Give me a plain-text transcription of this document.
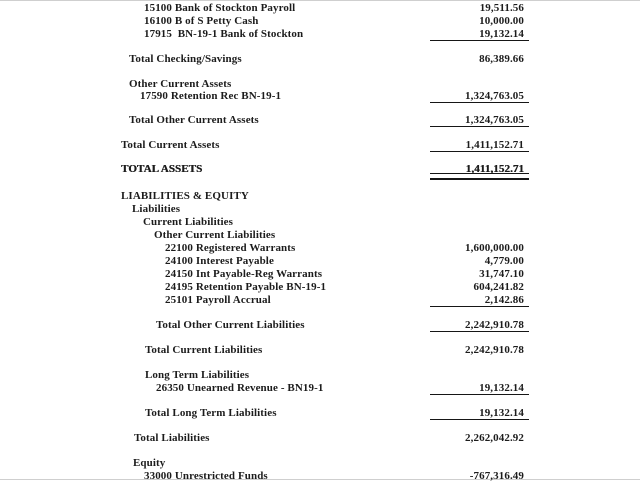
15100 Bank of Stockton Payroll	19,511.56
16100 B of S Petty Cash	10,000.00
17915  BN-19-1 Bank of Stockton	19,132.14
Total Checking/Savings	86,389.66
Other Current Assets
17590 Retention Rec BN-19-1	1,324,763.05
Total Other Current Assets	1,324,763.05
Total Current Assets	1,411,152.71
TOTAL ASSETS	1,411,152.71
LIABILITIES & EQUITY
Liabilities
Current Liabilities
Other Current Liabilities
22100 Registered Warrants	1,600,000.00
24100 Interest Payable	4,779.00
24150 Int Payable-Reg Warrants	31,747.10
24195 Retention Payable BN-19-1	604,241.82
25101 Payroll Accrual	2,142.86
Total Other Current Liabilities	2,242,910.78
Total Current Liabilities	2,242,910.78
Long Term Liabilities
26350 Unearned Revenue - BN19-1	19,132.14
Total Long Term Liabilities	19,132.14
Total Liabilities	2,262,042.92
Equity
33000 Unrestricted Funds	-767,316.49
